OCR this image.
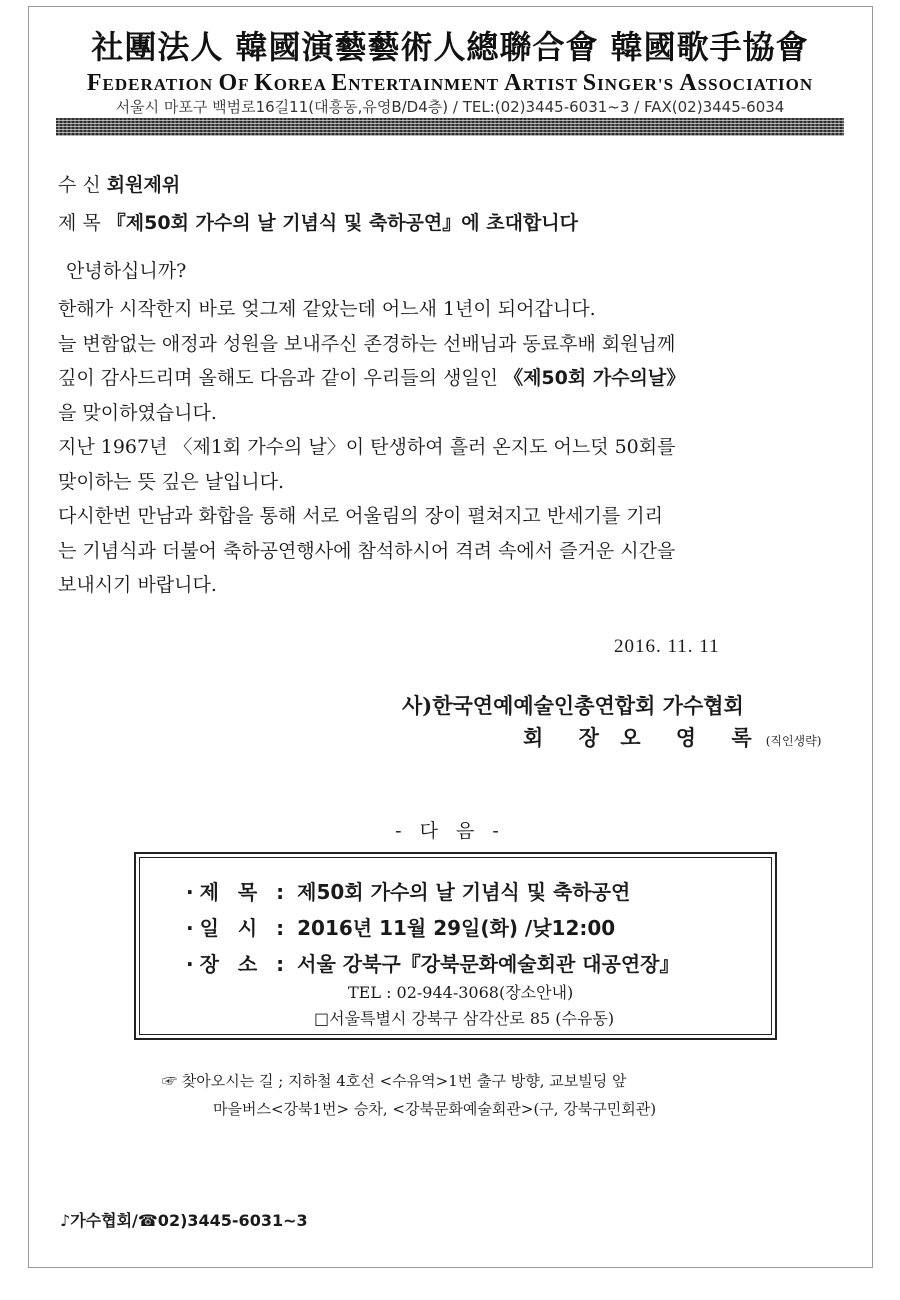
社團法人 韓國演藝藝術人總聯合會 韓國歌手協會
FEDERATION OF KOREA ENTERTAINMENT ARTIST SINGER'S ASSOCIATION
서울시 마포구 백범로16길11(대흥동,유영B/D4층) / TEL:(02)3445-6031~3 / FAX(02)3445-6034
수 신 회원제위
제 목 『제50회 가수의 날 기념식 및 축하공연』에 초대합니다
안녕하십니까?

한해가 시작한지 바로 엊그제 같았는데 어느새 1년이 되어갑니다.

늘 변함없는 애정과 성원을 보내주신 존경하는 선배님과 동료후배 회원님께

깊이 감사드리며 올해도 다음과 같이 우리들의 생일인 《제50회 가수의날》

을 맞이하였습니다.

지난 1967년 〈제1회 가수의 날〉이 탄생하여 흘러 온지도 어느덧 50회를

맞이하는 뜻 깊은 날입니다.

다시한번 만남과 화합을 통해 서로 어울림의 장이 펼쳐지고 반세기를 기리

는 기념식과 더불어 축하공연행사에 참석하시어 격려 속에서 즐거운 시간을

보내시기 바랍니다.

2016. 11. 11
사)한국연예예술인총연합회 가수협회
회 장 오 영 록(직인생략)
- 다 음 -
·제 목 : 제50회 가수의 날 기념식 및 축하공연
·일 시 : 2016년 11월 29일(화) /낮12:00
·장 소 : 서울 강북구『강북문화예술회관 대공연장』
TEL : 02-944-3068(장소안내)
□서울특별시 강북구 삼각산로 85 (수유동)
☞ 찾아오시는 길 ; 지하철 4호선 <수유역>1번 출구 방향, 교보빌딩 앞
마을버스<강북1번> 승차, <강북문화예술회관>(구, 강북구민회관)
♪가수협회/☎02)3445-6031~3
